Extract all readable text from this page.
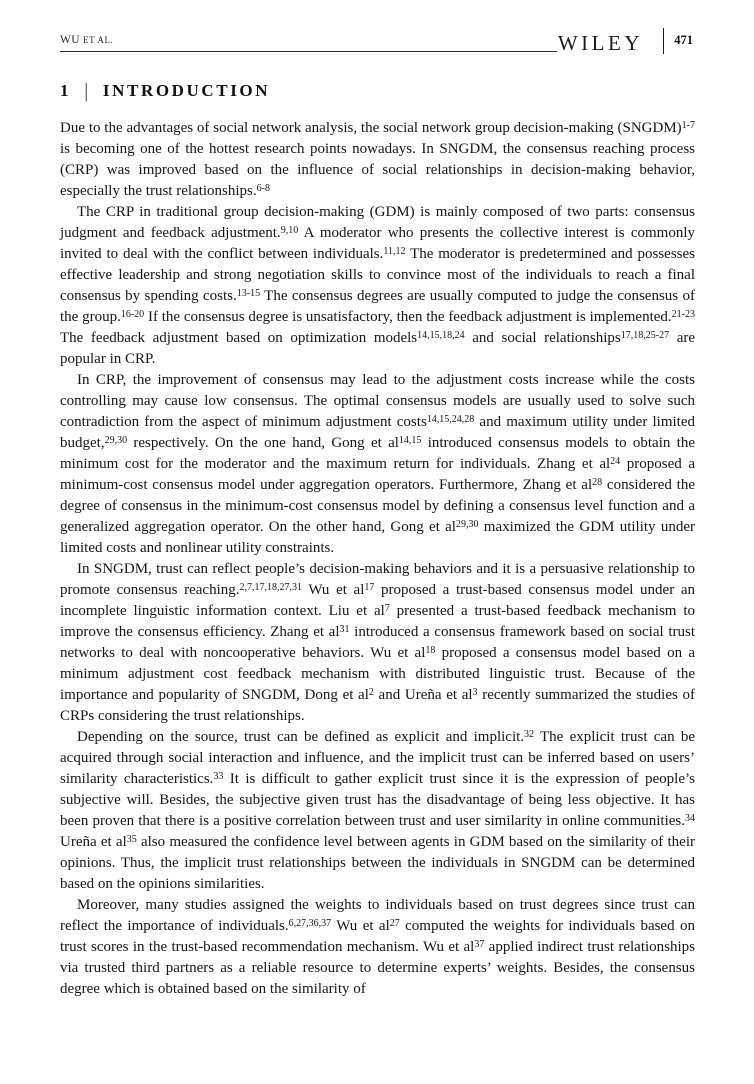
WU ET AL.	WILEY	471
1 | INTRODUCTION

Due to the advantages of social network analysis, the social network group decision-making (SNGDM)$^{1-7}$ is becoming one of the hottest research points nowadays. In SNGDM, the consensus reaching process (CRP) was improved based on the influence of social relationships in decision-making behavior, especially the trust relationships.$^{6-8}$

The CRP in traditional group decision-making (GDM) is mainly composed of two parts: consensus judgment and feedback adjustment.$^{9,10}$ A moderator who presents the collective interest is commonly invited to deal with the conflict between individuals.$^{11,12}$ The moderator is predetermined and possesses effective leadership and strong negotiation skills to convince most of the individuals to reach a final consensus by spending costs.$^{13-15}$ The consensus degrees are usually computed to judge the consensus of the group.$^{16-20}$ If the consensus degree is unsatisfactory, then the feedback adjustment is implemented.$^{21-23}$ The feedback adjustment based on optimization models$^{14,15,18,24}$ and social relationships$^{17,18,25-27}$ are popular in CRP.

In CRP, the improvement of consensus may lead to the adjustment costs increase while the costs controlling may cause low consensus. The optimal consensus models are usually used to solve such contradiction from the aspect of minimum adjustment costs$^{14,15,24,28}$ and maximum utility under limited budget,$^{29,30}$ respectively. On the one hand, Gong et al$^{14,15}$ introduced consensus models to obtain the minimum cost for the moderator and the maximum return for individuals. Zhang et $al^{24}$ proposed a minimum-cost consensus model under aggregation operators. Furthermore, Zhang et $al^{28}$ considered the degree of consensus in the minimum-cost consensus model by defining a consensus level function and a generalized aggregation operator. On the other hand, Gong et al$^{29,30}$ maximized the GDM utility under limited costs and nonlinear utility constraints.

In SNGDM, trust can reflect people’s decision-making behaviors and it is a persuasive relationship to promote consensus reaching.$^{2,7,17,18,27,31}$ Wu et $al^{17}$ proposed a trust-based consensus model under an incomplete linguistic information context. Liu et $al^7$ presented a trust-based feedback mechanism to improve the consensus efficiency. Zhang et $al^{31}$ introduced a consensus framework based on social trust networks to deal with noncooperative behaviors. Wu et $al^{18}$ proposed a consensus model based on a minimum adjustment cost feedback mechanism with distributed linguistic trust. Because of the importance and popularity of SNGDM, Dong et $al^2$ and Ureña et $al^3$ recently summarized the studies of CRPs considering the trust relationships.

Depending on the source, trust can be defined as explicit and implicit.$^{32}$ The explicit trust can be acquired through social interaction and influence, and the implicit trust can be inferred based on users’ similarity characteristics.$^{33}$ It is difficult to gather explicit trust since it is the expression of people’s subjective will. Besides, the subjective given trust has the disadvantage of being less objective. It has been proven that there is a positive correlation between trust and user similarity in online communities.$^{34}$ Ureña et $al^{35}$ also measured the confidence level between agents in GDM based on the similarity of their opinions. Thus, the implicit trust relationships between the individuals in SNGDM can be determined based on the opinions similarities.

Moreover, many studies assigned the weights to individuals based on trust degrees since trust can reflect the importance of individuals.$^{6,27,36,37}$ Wu et $al^{27}$ computed the weights for individuals based on trust scores in the trust-based recommendation mechanism. Wu et $al^{37}$ applied indirect trust relationships via trusted third partners as a reliable resource to determine experts’ weights. Besides, the consensus degree which is obtained based on the similarity of
